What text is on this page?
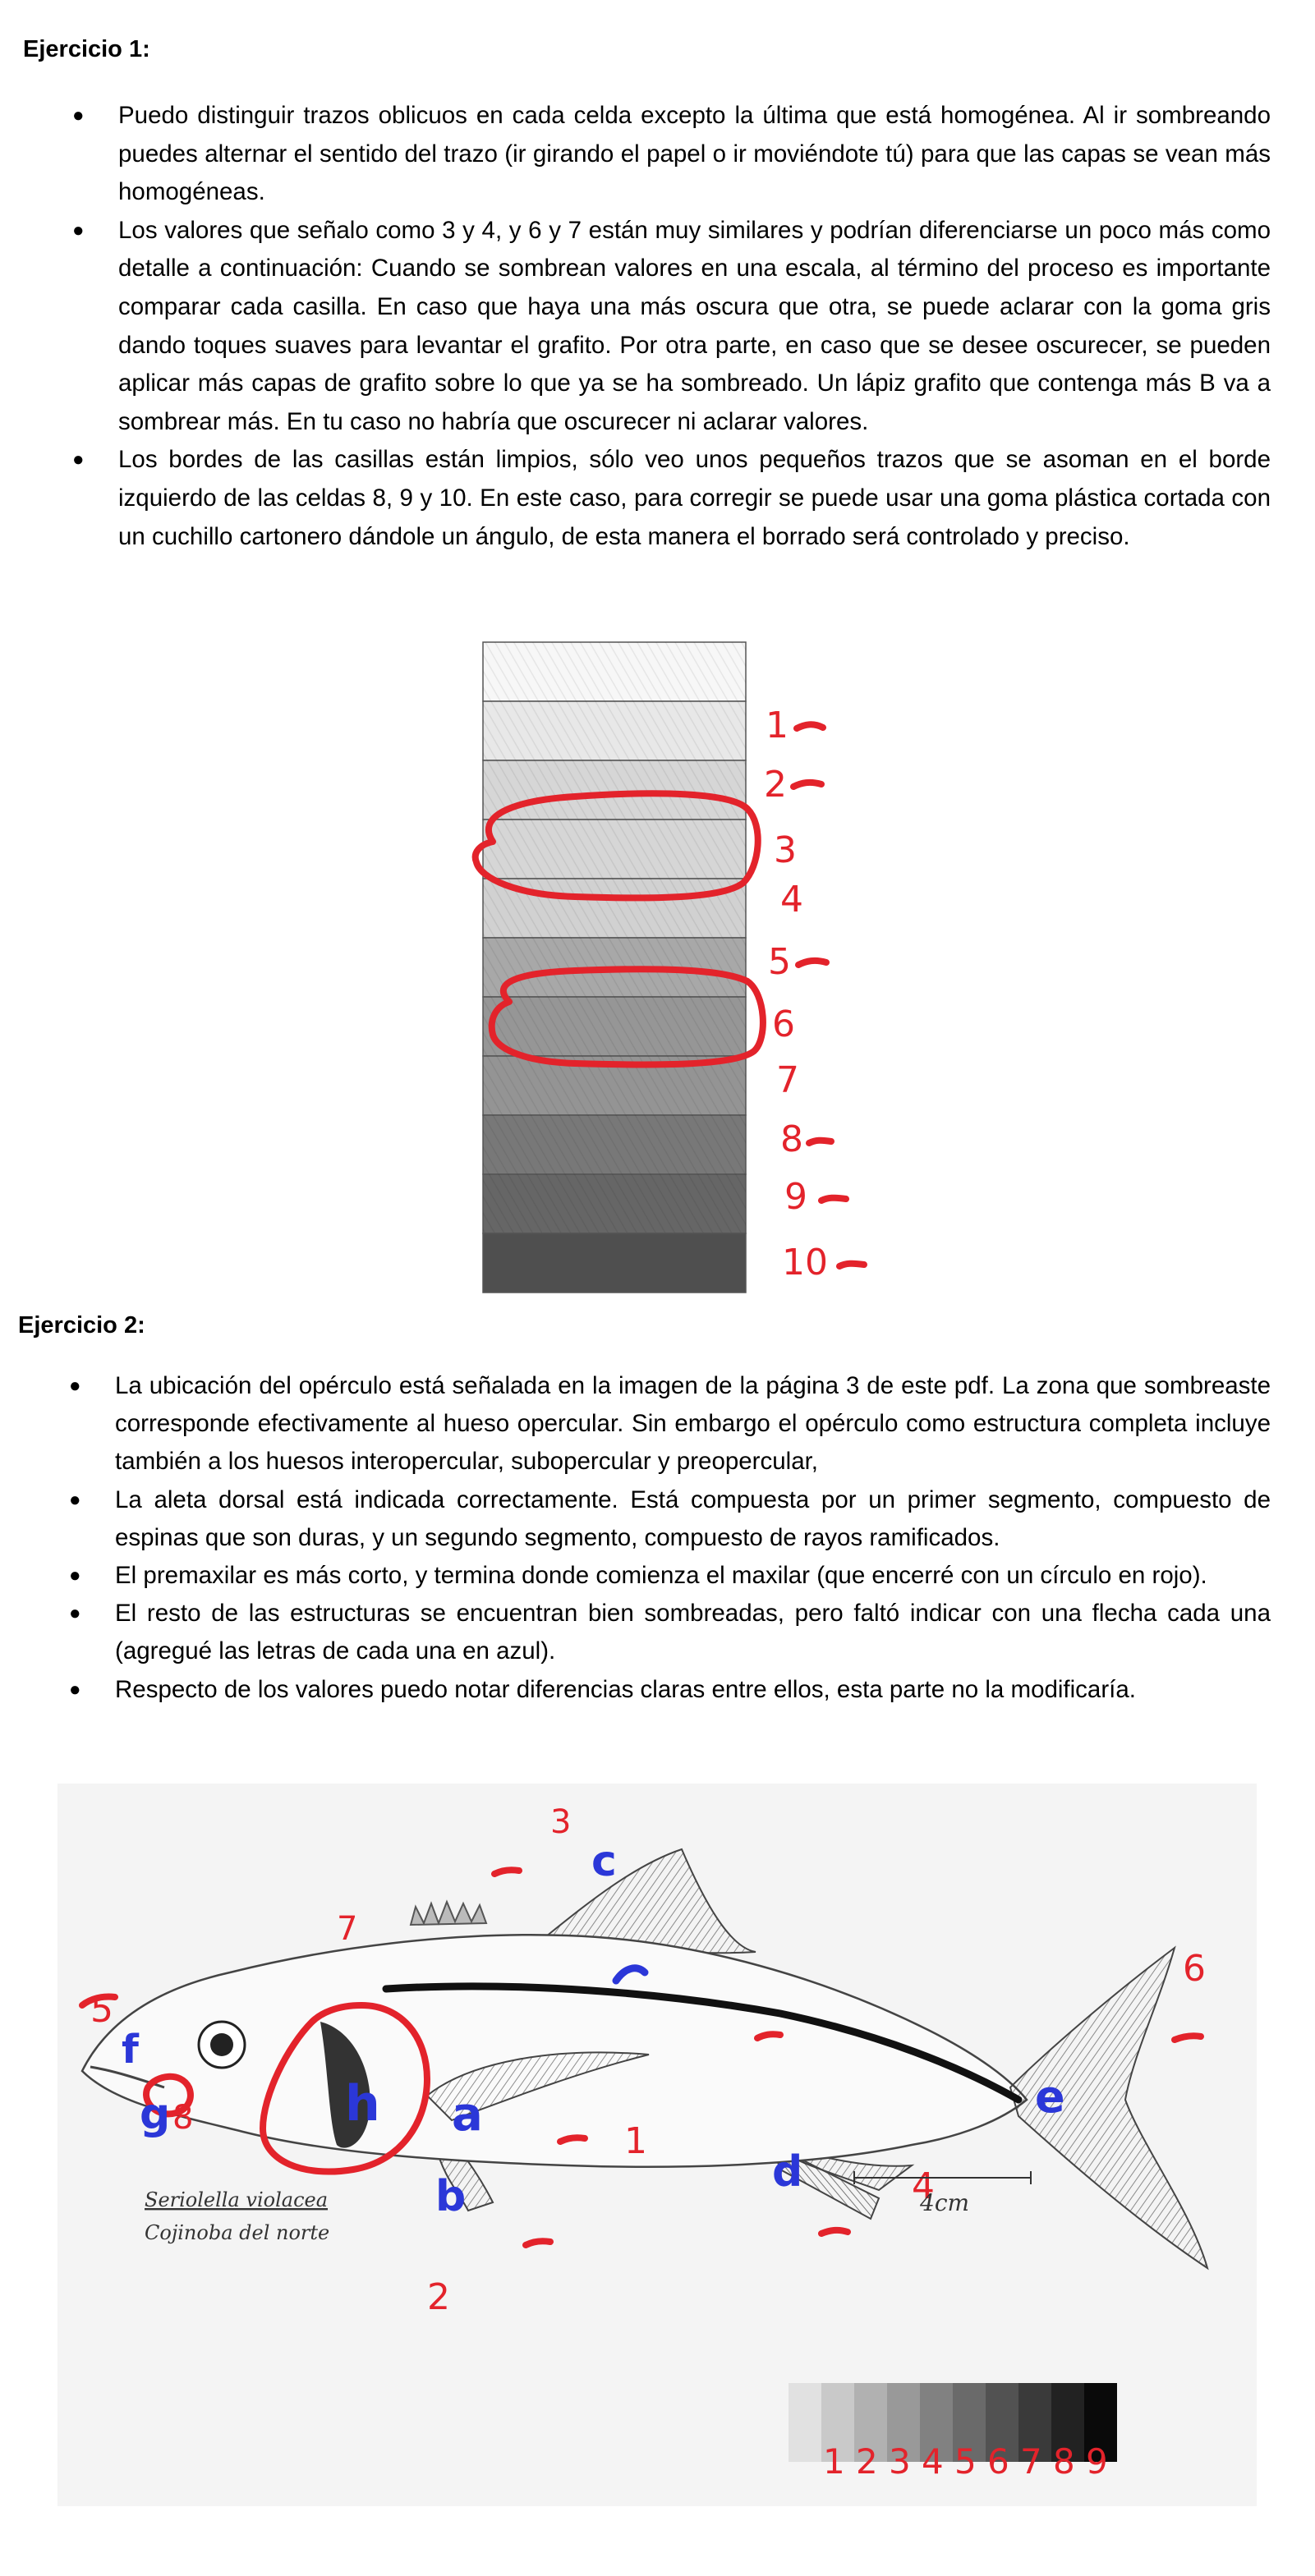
Ejercicio 1:
● Puedo distinguir trazos oblicuos en cada celda excepto la última que está homogénea. Al ir sombreando puedes alternar el sentido del trazo (ir girando el papel o ir moviéndote tú) para que las capas se vean más homogéneas.
● Los valores que señalo como 3 y 4, y 6 y 7 están muy similares y podrían diferenciarse un poco más como detalle a continuación: Cuando se sombrean valores en una escala, al término del proceso es importante comparar cada casilla. En caso que haya una más oscura que otra, se puede aclarar con la goma gris dando toques suaves para levantar el grafito. Por otra parte, en caso que se desee oscurecer, se pueden aplicar más capas de grafito sobre lo que ya se ha sombreado. Un lápiz grafito que contenga más B va a sombrear más. En tu caso no habría que oscurecer ni aclarar valores.
● Los bordes de las casillas están limpios, sólo veo unos pequeños trazos que se asoman en el borde izquierdo de las celdas 8, 9 y 10. En este caso, para corregir se puede usar una goma plástica cortada con un cuchillo cartonero dándole un ángulo, de esta manera el borrado será controlado y preciso.
1
2
3
4
5
6
7
8
9
10
Ejercicio 2:
● La ubicación del opérculo está señalada en la imagen de la página 3 de este pdf. La zona que sombreaste corresponde efectivamente al hueso opercular. Sin embargo el opérculo como estructura completa incluye también a los huesos interopercular, subopercular y preopercular,
● La aleta dorsal está indicada correctamente. Está compuesta por un primer segmento, compuesto de espinas que son duras, y un segundo segmento, compuesto de rayos ramificados.
● El premaxilar es más corto, y termina donde comienza el maxilar (que encerré con un círculo en rojo).
● El resto de las estructuras se encuentran bien sombreadas, pero faltó indicar con una flecha cada una (agregué las letras de cada una en azul).
● Respecto de los valores puedo notar diferencias claras entre ellos, esta parte no la modificaría.
1
2
3
4
5
6
7
8	a
b
c
d
e
f
g	h
4cm
Seriolella violacea
Cojinoba del norte
1 2 3 4 5 6 7 8 9
